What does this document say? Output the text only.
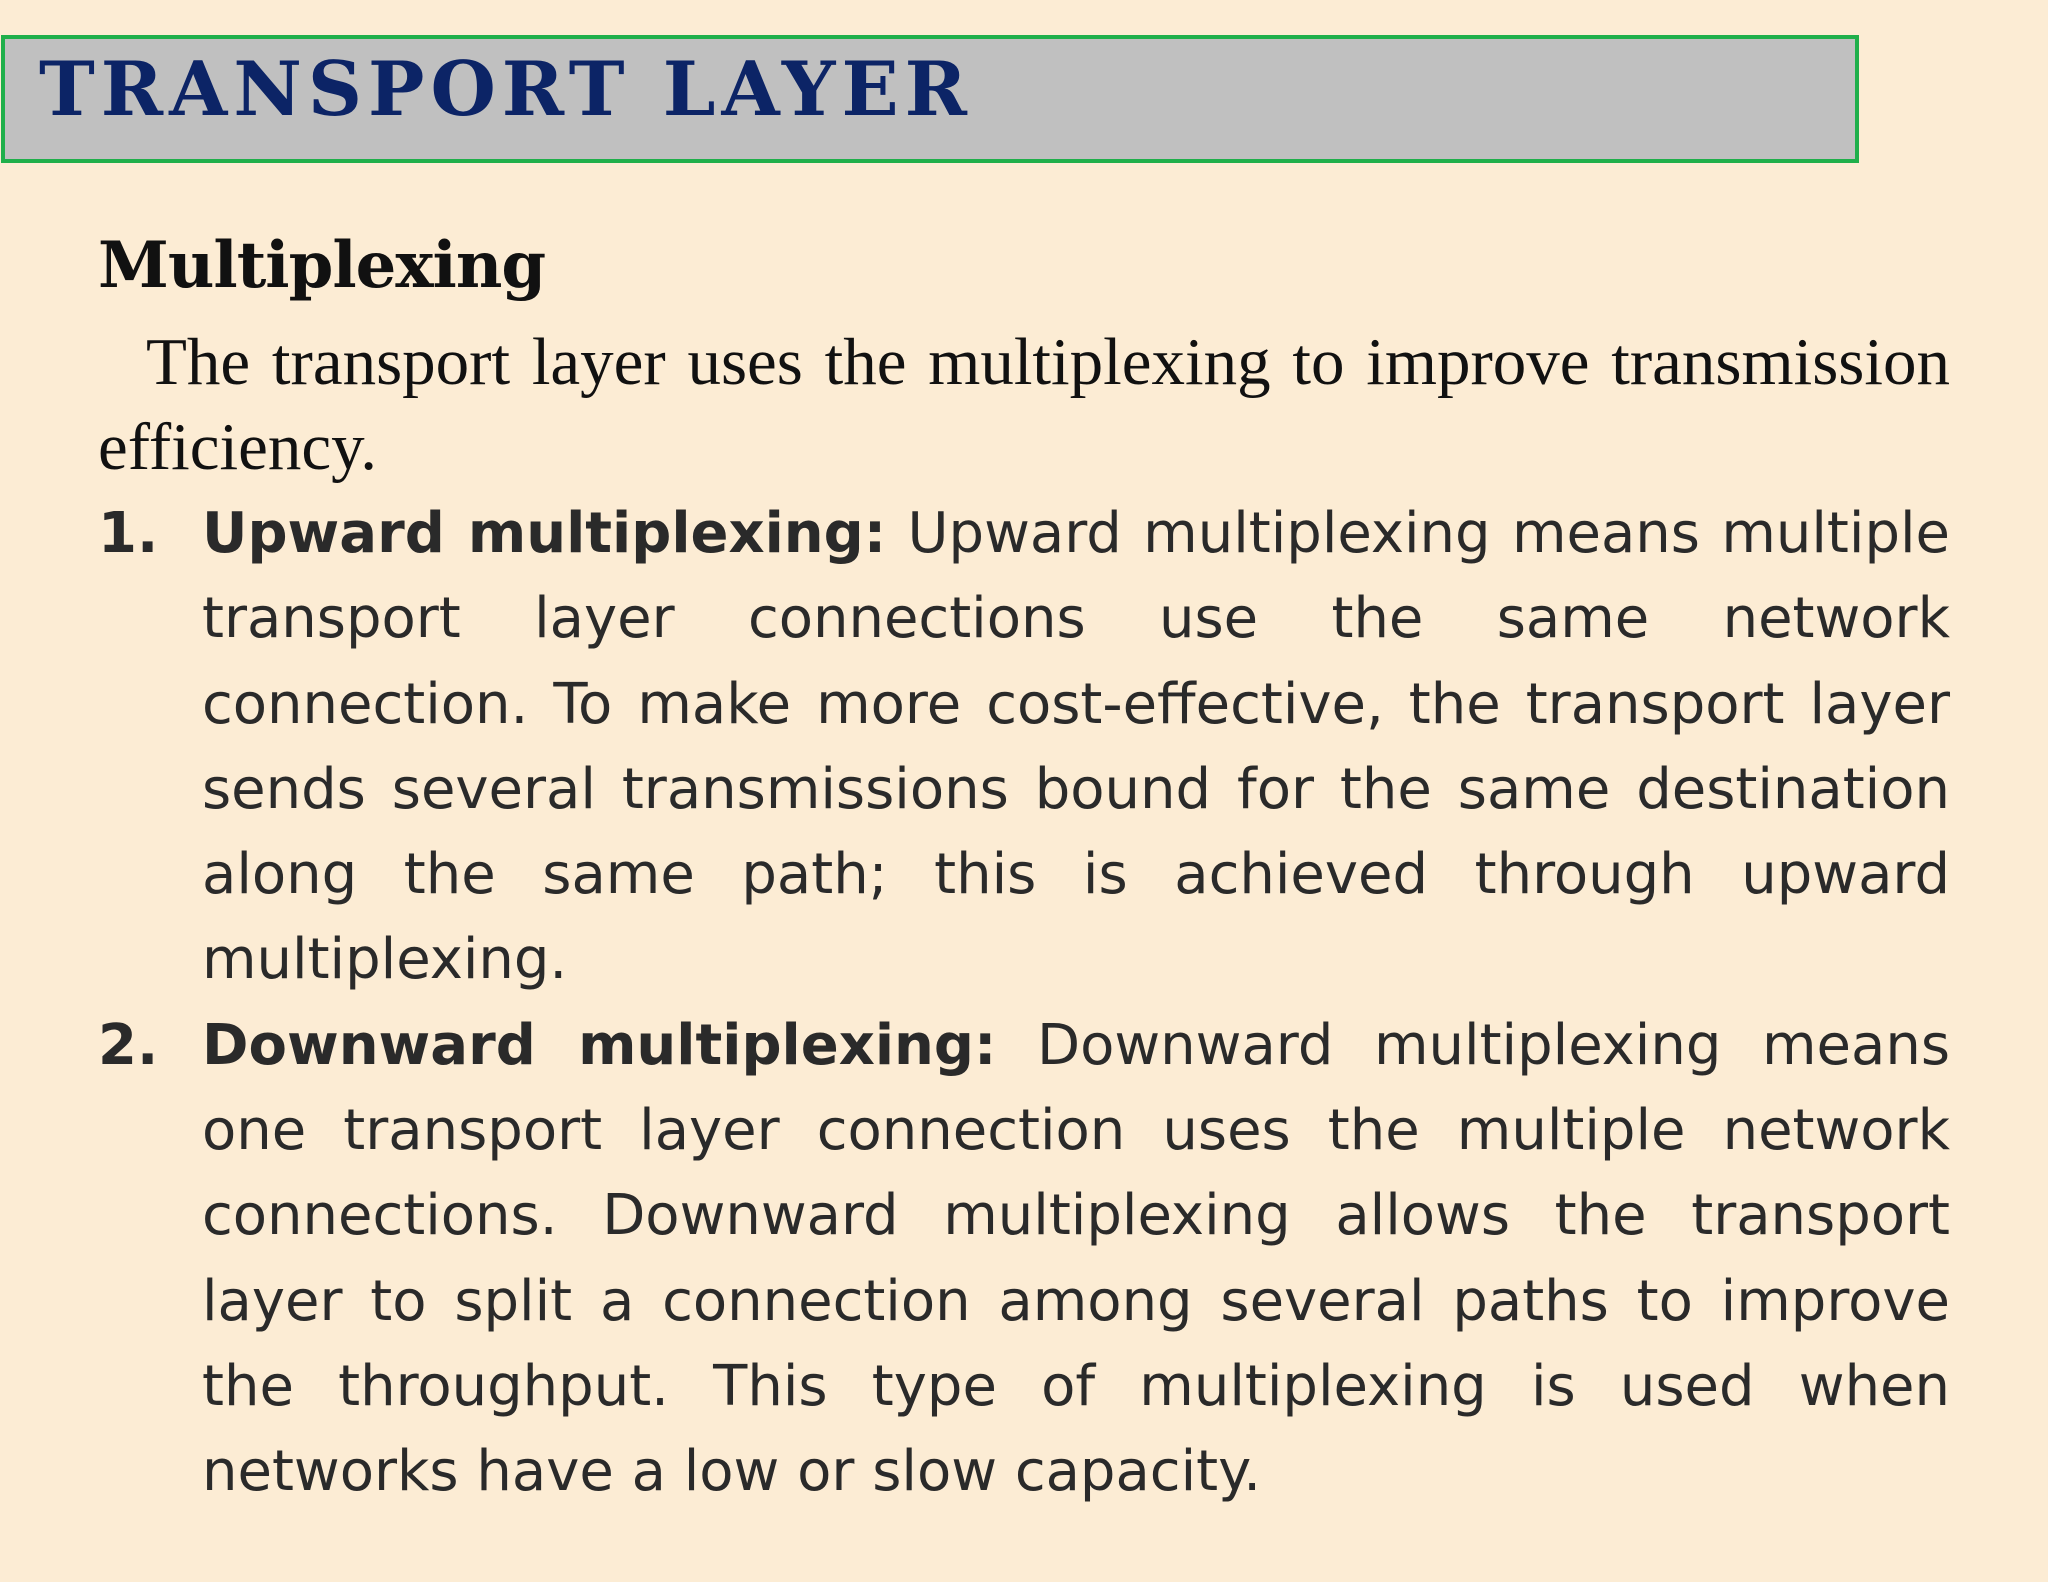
TRANSPORT LAYER
Multiplexing

The transport layer uses the multiplexing to improve transmission efficiency.

1. Upward multiplexing: Upward multiplexing means multiple transport layer connections use the same network connection. To make more cost-effective, the transport layer sends several transmissions bound for the same destination along the same path; this is achieved through upward multiplexing.
2. Downward multiplexing: Downward multiplexing means one transport layer connection uses the multiple network connections. Downward multiplexing allows the transport layer to split a connection among several paths to improve the throughput. This type of multiplexing is used when networks have a low or slow capacity.
